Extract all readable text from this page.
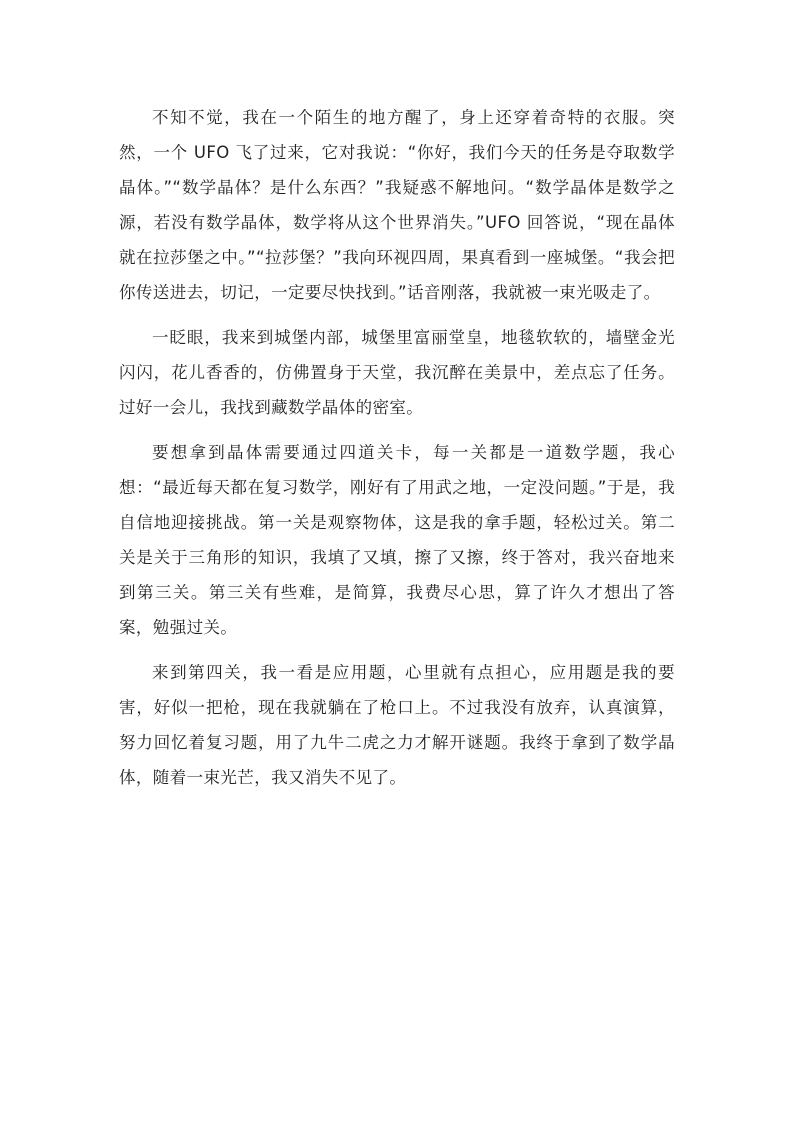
不知不觉，我在一个陌生的地方醒了，身上还穿着奇特的衣服。突然，一个 UFO 飞了过来，它对我说：“你好，我们今天的任务是夺取数学晶体。”“数学晶体？是什么东西？”我疑惑不解地问。“数学晶体是数学之源，若没有数学晶体，数学将从这个世界消失。”UFO 回答说，“现在晶体就在拉莎堡之中。”“拉莎堡？”我向环视四周，果真看到一座城堡。“我会把你传送进去，切记，一定要尽快找到。”话音刚落，我就被一束光吸走了。

一眨眼，我来到城堡内部，城堡里富丽堂皇，地毯软软的，墙壁金光闪闪，花儿香香的，仿佛置身于天堂，我沉醉在美景中，差点忘了任务。过好一会儿，我找到藏数学晶体的密室。

要想拿到晶体需要通过四道关卡，每一关都是一道数学题，我心想：“最近每天都在复习数学，刚好有了用武之地，一定没问题。”于是，我自信地迎接挑战。第一关是观察物体，这是我的拿手题，轻松过关。第二关是关于三角形的知识，我填了又填，擦了又擦，终于答对，我兴奋地来到第三关。第三关有些难，是简算，我费尽心思，算了许久才想出了答案，勉强过关。

来到第四关，我一看是应用题，心里就有点担心，应用题是我的要害，好似一把枪，现在我就躺在了枪口上。不过我没有放弃，认真演算，努力回忆着复习题，用了九牛二虎之力才解开谜题。我终于拿到了数学晶体，随着一束光芒，我又消失不见了。
